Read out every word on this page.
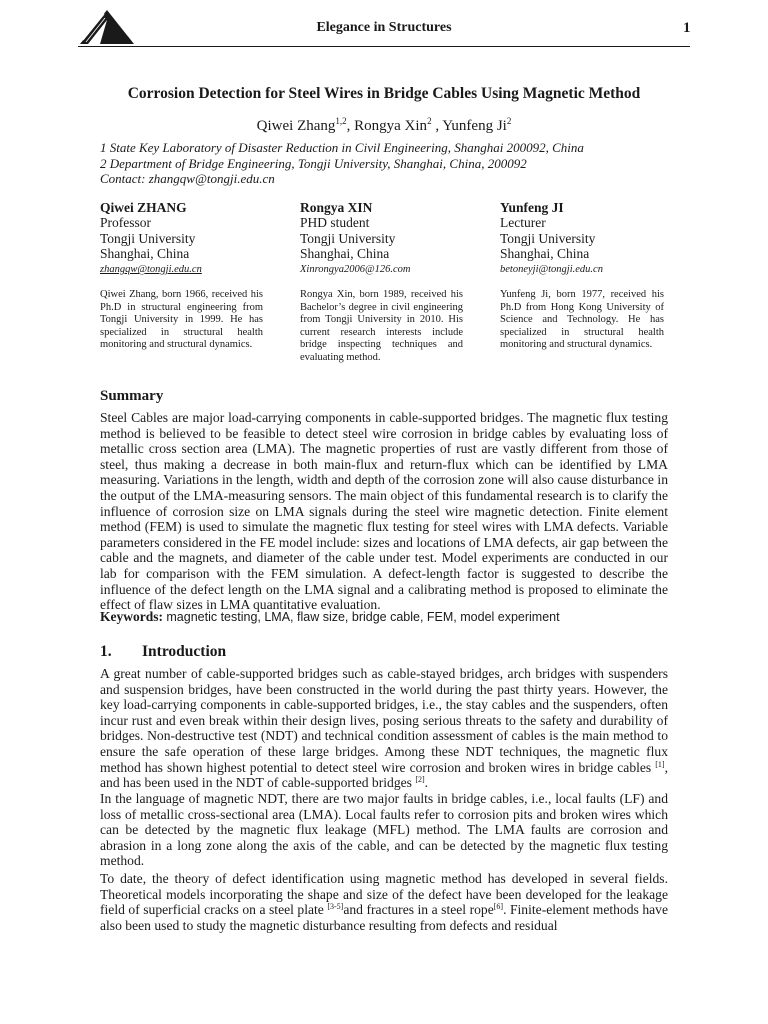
Elegance in Structures	1
Corrosion Detection for Steel Wires in Bridge Cables Using Magnetic Method
Qiwei Zhang$^{1,2}$, Rongya Xin$^2$ , Yunfeng Ji$^2$
1 State Key Laboratory of Disaster Reduction in Civil Engineering, Shanghai 200092, China
2 Department of Bridge Engineering, Tongji University, Shanghai, China, 200092
Contact: zhangqw@tongji.edu.cn
Qiwei ZHANG
Professor
Tongji University
Shanghai, China
zhangqw@tongji.edu.cn
Qiwei Zhang, born 1966, received his Ph.D in structural engineering from Tongji University in 1999. He has specialized in structural health monitoring and structural dynamics.
Rongya XIN
PHD student
Tongji University
Shanghai, China
Xinrongya2006@126.com
Rongya Xin, born 1989, received his Bachelor’s degree in civil engineering from Tongji University in 2010. His current research interests include bridge inspecting techniques and evaluating method.
Yunfeng JI
Lecturer
Tongji University
Shanghai, China
betoneyji@tongji.edu.cn
Yunfeng Ji, born 1977, received his Ph.D from Hong Kong University of Science and Technology. He has specialized in structural health monitoring and structural dynamics.
Summary

Steel Cables are major load-carrying components in cable-supported bridges. The magnetic flux testing method is believed to be feasible to detect steel wire corrosion in bridge cables by evaluating loss of metallic cross section area (LMA). The magnetic properties of rust are vastly different from those of steel, thus making a decrease in both main-flux and return-flux which can be identified by LMA measuring. Variations in the length, width and depth of the corrosion zone will also cause disturbance in the output of the LMA-measuring sensors. The main object of this fundamental research is to clarify the influence of corrosion size on LMA signals during the steel wire magnetic detection. Finite element method (FEM) is used to simulate the magnetic flux testing for steel wires with LMA defects. Variable parameters considered in the FE model include: sizes and locations of LMA defects, air gap between the cable and the magnets, and diameter of the cable under test. Model experiments are conducted in our lab for comparison with the FEM simulation. A defect-length factor is suggested to describe the influence of the defect length on the LMA signal and a calibrating method is proposed to eliminate the effect of flaw sizes in LMA quantitative evaluation.

Keywords: magnetic testing, LMA, flaw size, bridge cable, FEM, model experiment
1. Introduction

A great number of cable-supported bridges such as cable-stayed bridges, arch bridges with suspenders and suspension bridges, have been constructed in the world during the past thirty years. However, the key load-carrying components in cable-supported bridges, i.e., the stay cables and the suspenders, often incur rust and even break within their design lives, posing serious threats to the safety and durability of bridges. Non-destructive test (NDT) and technical condition assessment of cables is the main method to ensure the safe operation of these large bridges. Among these NDT techniques, the magnetic flux method has shown highest potential to detect steel wire corrosion and broken wires in bridge cables [1], and has been used in the NDT of cable-supported bridges [2].

In the language of magnetic NDT, there are two major faults in bridge cables, i.e., local faults (LF) and loss of metallic cross-sectional area (LMA). Local faults refer to corrosion pits and broken wires which can be detected by the magnetic flux leakage (MFL) method. The LMA faults are corrosion and abrasion in a long zone along the axis of the cable, and can be detected by the magnetic flux testing method.

To date, the theory of defect identification using magnetic method has developed in several fields. Theoretical models incorporating the shape and size of the defect have been developed for the leakage field of superficial cracks on a steel plate [3-5]and fractures in a steel rope[6]. Finite-element methods have also been used to study the magnetic disturbance resulting from defects and residual
